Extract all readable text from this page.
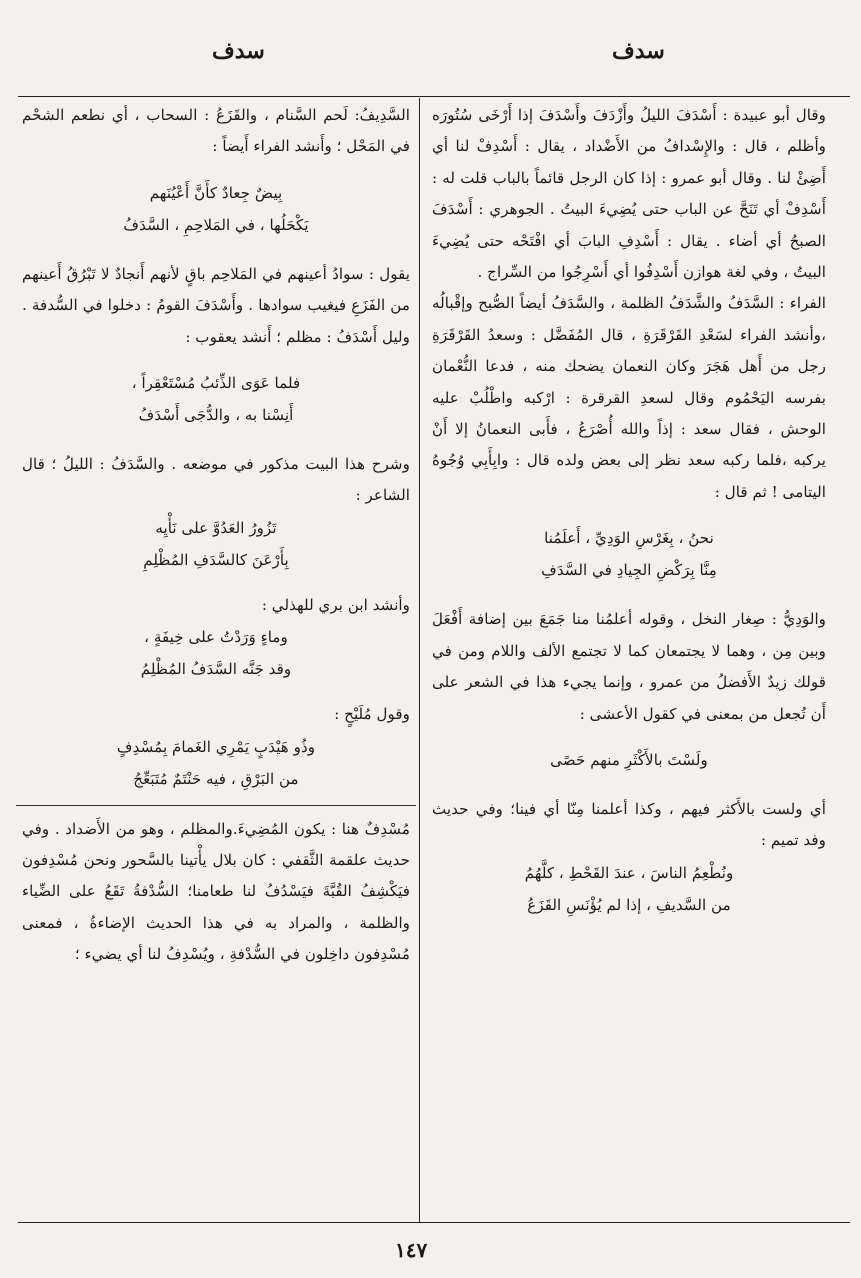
سدف
سدف

وقال أبو عبيدة : أَسْدَفَ الليلُ وأَزْدَفَ وأَسْدَفَ إذا أَرْخَى سُتُورَه وأظلم ، قال : والإِسْدافُ من الأَضْداد ، يقال : أَسْدِفْ لنا أي أَضِئْ لنا . وقال أبو عمرو : إذا كان الرجل قائماً بالباب قلت له : أَسْدِفْ أي تَنَحَّ عن الباب حتى يُضِيءَ البيتُ . الجوهري : أَسْدَفَ الصبحُ أي أضاء . يقال : أَسْدِفِ البابَ أي افْتَحْه حتى يُضِيءَ البيتُ ، وفي لغة هوازن أَسْدِفُوا أي أَسْرِجُوا من السِّراج .

الفراء : السَّدَفُ والشَّدَفُ الظلمة ، والسَّدَفُ أيضاً الصُّبح وإقْبالُه ،وأنشد الفراء لسَعْدِ القَرْقَرَةِ ، قال المُفَضَّل : وسعدُ القَرْقَرَةِ رجل من أَهل هَجَرَ وكان النعمان يضحك منه ، فدعا النُّعْمان بفرسه اليَحْمُوم وقال لسعدِ القرقرة : ارْكبه واطْلُبْ عليه الوحش ، فقال سعد : إذاً والله أُصْرَعُ ، فأَبى النعمانُ إلا أَنْ يركبه ،فلما ركبه سعد نظر إلى بعض ولده قال : وابِأَبِي وُجُوهُ اليتامى ! ثم قال :

نحنُ ، بِغَرْسِ الوَدِيِّ ، أَعلَمُنا
مِنَّا بِرَكْضِ الجِيادِ في السَّدَفِ

والوَدِيُّ : صِغار النخل ، وقوله أعلمُنا منا جَمَعَ بين إضافة أَفْعَلَ وبين مِن ، وهما لا يجتمعان كما لا تجتمع الألف واللام ومن في قولك زيدٌ الأَفضلُ من عمرو ، وإنما يجيء هذا في الشعر على أَن تُجعل من بمعنى في كقول الأعشى :

ولَسْتَ بالأَكْثَرِ منهم حَصًى

أي ولست بالأَكثر فيهم ، وكذا أعلمنا مِنّا أي فينا؛ وفي حديث وفد تميم :

ونُطْعِمُ الناسَ ، عندَ القَحْطِ ، كلَّهُمُ
من السَّديفِ ، إذا لم يُؤْنَسِ القَزَعُ

السَّدِيفُ: لَحم السَّنام ، والقَزَعُ : السحاب ، أي نطعم الشحْم في المَحْل ؛ وأَنشد الفراء أَيضاً :

بِيضٌ جِعادٌ كأَنَّ أَعْيُنَهم
يَكْحَلُها ، في المَلاحِمِ ، السَّدَفُ

يقول : سوادُ أعينهم في المَلاحِم باقٍ لأنهم أَنجادٌ لا تَبْرُقُ أَعينهم من الفَزَعِ فيغيب سوادها . وأَسْدَفَ القومُ : دخلوا في السُّدفة . وليل أَسْدَفُ : مظلم ؛ أَنشد يعقوب :

فلما عَوَى الذِّئبُ مُسْتَعْقِراً ،
أَنِسْنا به ، والدُّجَى أَسْدَفُ

وشرح هذا البيت مذكور في موضعه . والسَّدَفُ : الليلُ ؛ قال الشاعر :

تَزُورُ العَدُوَّ على نَأْيِه
بِأَرْعَنَ كالسَّدَفِ المُظْلِمِ

وأنشد ابن بري للهذلي :

وماءٍ وَرَدْتُ على خِيفَةٍ ،
وقد جَنَّه السَّدَفُ المُظْلِمُ

وقول مُلَيْحٍ :

وذُو هَيْدَبٍ يَمْرِي الغَمامَ بِمُسْدِفٍ
من البَرْقِ ، فيه حَنْتَمٌ مُتَبَعِّجُ

مُسْدِفٌ هنا : يكون المُضِيءَ.والمظلم ، وهو من الأَضداد . وفي حديث علقمة الثَّقفي : كان بلال يأْتينا بالسَّحور ونحن مُسْدِفون فيَكْشِفُ القُبَّةَ فيَسْدُفُ لنا طعامنا؛ السُّدْفةُ تَقَعُ على الضِّياء والظلمة ، والمراد به في هذا الحديث الإضاءةُ ، فمعنى مُسْدِفون داخِلون في السُّدْفةِ ، ويُسْدِفُ لنا أي يضيء ؛

١٤٧
